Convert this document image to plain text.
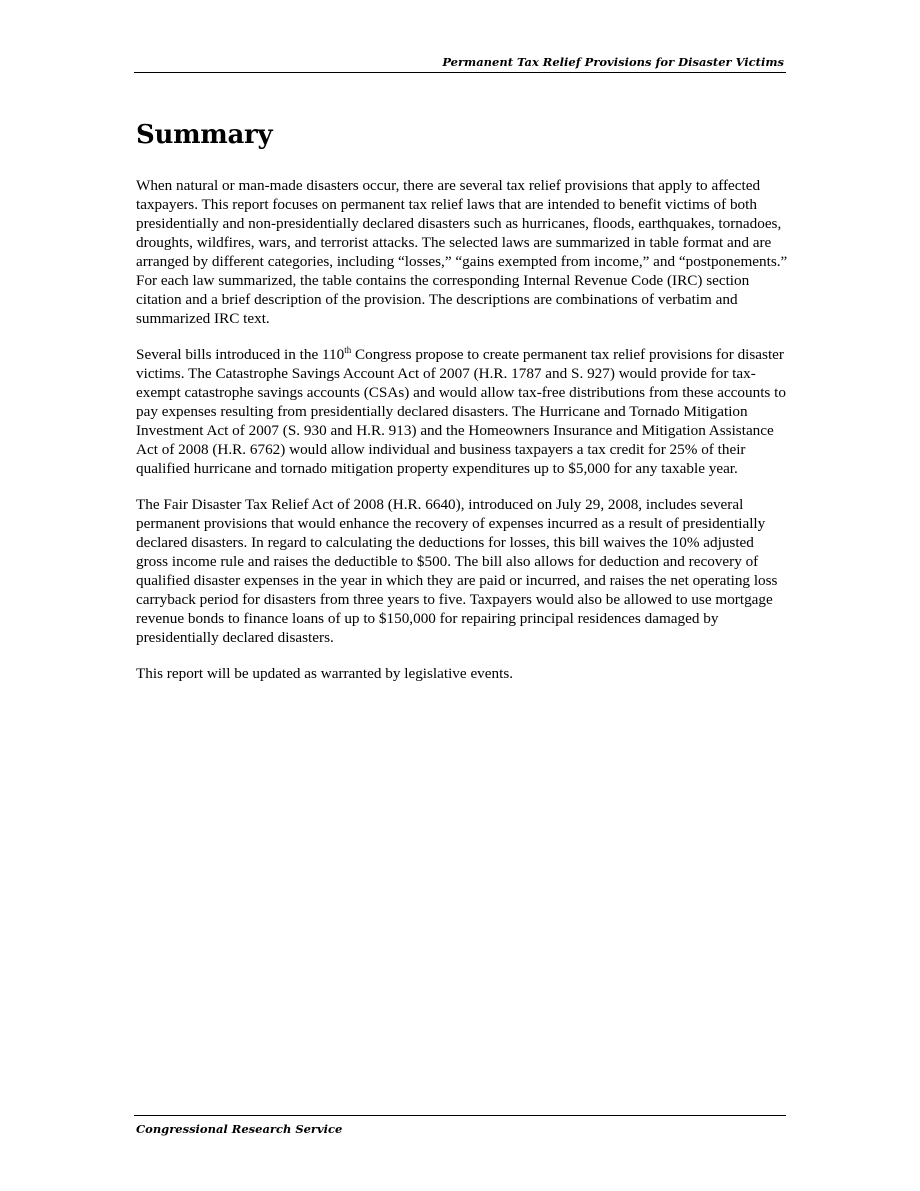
Permanent Tax Relief Provisions for Disaster Victims
Summary

When natural or man-made disasters occur, there are several tax relief provisions that apply to affected taxpayers. This report focuses on permanent tax relief laws that are intended to benefit victims of both presidentially and non-presidentially declared disasters such as hurricanes, floods, earthquakes, tornadoes, droughts, wildfires, wars, and terrorist attacks. The selected laws are summarized in table format and are arranged by different categories, including “losses,” “gains exempted from income,” and “postponements.” For each law summarized, the table contains the corresponding Internal Revenue Code (IRC) section citation and a brief description of the provision. The descriptions are combinations of verbatim and summarized IRC text.

Several bills introduced in the 110th Congress propose to create permanent tax relief provisions for disaster victims. The Catastrophe Savings Account Act of 2007 (H.R. 1787 and S. 927) would provide for tax-exempt catastrophe savings accounts (CSAs) and would allow tax-free distributions from these accounts to pay expenses resulting from presidentially declared disasters. The Hurricane and Tornado Mitigation Investment Act of 2007 (S. 930 and H.R. 913) and the Homeowners Insurance and Mitigation Assistance Act of 2008 (H.R. 6762) would allow individual and business taxpayers a tax credit for 25% of their qualified hurricane and tornado mitigation property expenditures up to $5,000 for any taxable year.

The Fair Disaster Tax Relief Act of 2008 (H.R. 6640), introduced on July 29, 2008, includes several permanent provisions that would enhance the recovery of expenses incurred as a result of presidentially declared disasters. In regard to calculating the deductions for losses, this bill waives the 10% adjusted gross income rule and raises the deductible to $500. The bill also allows for deduction and recovery of qualified disaster expenses in the year in which they are paid or incurred, and raises the net operating loss carryback period for disasters from three years to five. Taxpayers would also be allowed to use mortgage revenue bonds to finance loans of up to $150,000 for repairing principal residences damaged by presidentially declared disasters.

This report will be updated as warranted by legislative events.

Congressional Research Service
